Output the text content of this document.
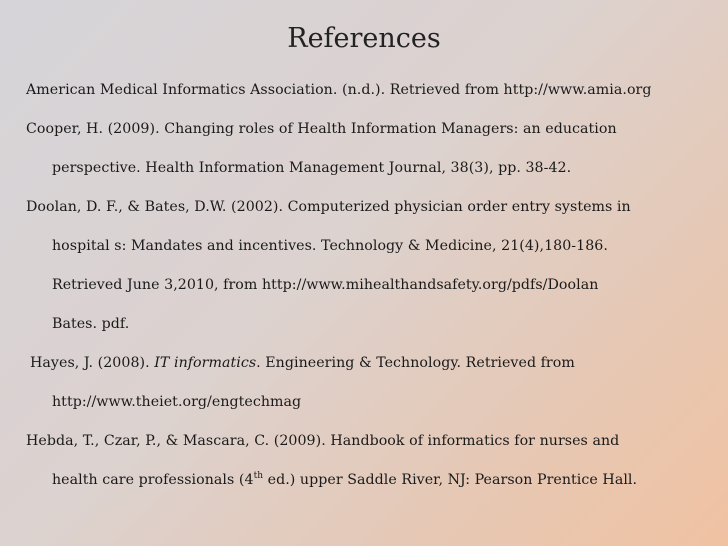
References
American Medical Informatics Association. (n.d.). Retrieved from http://www.amia.org
Cooper, H. (2009). Changing roles of Health Information Managers: an education
perspective. Health Information Management Journal, 38(3), pp. 38-42.
Doolan, D. F., & Bates, D.W. (2002). Computerized physician order entry systems in
hospital s: Mandates and incentives. Technology & Medicine, 21(4),180-186.
Retrieved June 3,2010, from http://www.mihealthandsafety.org/pdfs/Doolan
Bates. pdf.
Hayes, J. (2008). IT informatics. Engineering & Technology. Retrieved from
http://www.theiet.org/engtechmag
Hebda, T., Czar, P., & Mascara, C. (2009). Handbook of informatics for nurses and
health care professionals (4th ed.) upper Saddle River, NJ: Pearson Prentice Hall.
